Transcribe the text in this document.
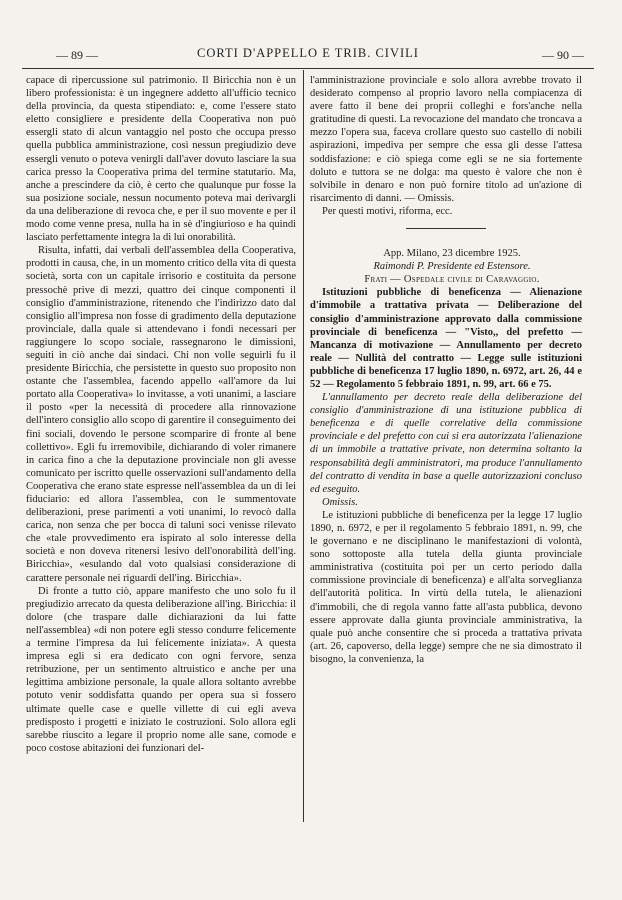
— 89 —	CORTI D'APPELLO E TRIB. CIVILI	— 90 —

capace di ripercussione sul patrimonio. Il Biricchia non è un libero professionista: è un ingegnere addetto all'ufficio tecnico della provincia, da questa stipendiato: e, come l'essere stato eletto consigliere e presidente della Cooperativa non può essergli stato di alcun vantaggio nel posto che occupa presso quella pubblica amministrazione, così nessun pregiudizio deve essergli venuto o poteva venirgli dall'aver dovuto lasciare la sua carica presso la Cooperativa prima del termine statutario. Ma, anche a prescindere da ciò, è certo che qualunque pur fosse la sua posizione sociale, nessun nocumento poteva mai derivargli da una deliberazione di revoca che, e per il suo movente e per il modo come venne presa, nulla ha in sè d'ingiurioso e ha quindi lasciato perfettamente integra la di lui onorabilità.

Risulta, infatti, dai verbali dell'assemblea della Cooperativa, prodotti in causa, che, in un momento critico della vita di questa società, sorta con un capitale irrisorio e costituita da persone pressochè prive di mezzi, quattro dei cinque componenti il consiglio d'amministrazione, ritenendo che l'indirizzo dato dal consiglio all'impresa non fosse di gradimento della deputazione provinciale, dalla quale si attendevano i fondi necessari per raggiungere lo scopo sociale, rassegnarono le dimissioni, seguiti in ciò anche dai sindaci. Chi non volle seguirli fu il presidente Biricchia, che persistette in questo suo proposito non ostante che l'assemblea, facendo appello «all'amore da lui portato alla Cooperativa» lo invitasse, a voti unanimi, a lasciare il posto «per la necessità di procedere alla rinnovazione dell'intero consiglio allo scopo di garentire il conseguimento dei fini sociali, dovendo le persone scomparire di fronte al bene collettivo». Egli fu irremovibile, dichiarando di voler rimanere in carica fino a che la deputazione provinciale non gli avesse comunicato per iscritto quelle osservazioni sull'andamento della Cooperativa che erano state espresse nell'assemblea da un di lei fiduciario: ed allora l'assemblea, con le summentovate deliberazioni, prese parimenti a voti unanimi, lo revocò dalla carica, non senza che per bocca di taluni soci venisse rilevato che «tale provvedimento era ispirato al solo interesse della società e non doveva ritenersi lesivo dell'onorabilità dell'ing. Biricchia», «esulando dal voto qualsiasi considerazione di carattere personale nei riguardi dell'ing. Biricchia».

Di fronte a tutto ciò, appare manifesto che uno solo fu il pregiudizio arrecato da questa deliberazione all'ing. Biricchia: il dolore (che traspare dalle dichiarazioni da lui fatte nell'assemblea) «di non potere egli stesso condurre felicemente a termine l'impresa da lui felicemente iniziata». A questa impresa egli si era dedicato con ogni fervore, senza retribuzione, per un sentimento altruistico e anche per una legittima ambizione personale, la quale allora soltanto avrebbe potuto venir soddisfatta quando per opera sua si fossero ultimate quelle case e quelle villette di cui egli aveva predisposto i progetti e iniziato le costruzioni. Solo allora egli sarebbe riuscito a legare il proprio nome alle sane, comode e poco costose abitazioni dei funzionari del-

l'amministrazione provinciale e solo allora avrebbe trovato il desiderato compenso al proprio lavoro nella compiacenza di avere fatto il bene dei proprii colleghi e fors'anche nella gratitudine di questi. La revocazione del mandato che troncava a mezzo l'opera sua, faceva crollare questo suo castello di nobili aspirazioni, impediva per sempre che essa gli desse l'attesa soddisfazione: e ciò spiega come egli se ne sia fortemente doluto e tuttora se ne dolga: ma questo è valore che non è solvibile in denaro e non può fornire titolo ad un'azione di risarcimento di danni. — Omissis.

Per questi motivi, riforma, ecc.

App. Milano, 23 dicembre 1925.

Raimondi P. Presidente ed Estensore.

Frati — Ospedale civile di Caravaggio.

Istituzioni pubbliche di beneficenza — Alienazione d'immobile a trattativa privata — Deliberazione del consiglio d'amministrazione approvato dalla commissione provinciale di beneficenza — "Visto,, del prefetto — Mancanza di motivazione — Annullamento per decreto reale — Nullità del contratto — Legge sulle istituzioni pubbliche di beneficenza 17 luglio 1890, n. 6972, art. 26, 44 e 52 — Regolamento 5 febbraio 1891, n. 99, art. 66 e 75.

L'annullamento per decreto reale della deliberazione del consiglio d'amministrazione di una istituzione pubblica di beneficenza e di quelle correlative della commissione provinciale e del prefetto con cui si era autorizzata l'alienazione di un immobile a trattative private, non determina soltanto la responsabilità degli amministratori, ma produce l'annullamento del contratto di vendita in base a quelle autorizzazioni concluso ed eseguito.

Omissis.

Le istituzioni pubbliche di beneficenza per la legge 17 luglio 1890, n. 6972, e per il regolamento 5 febbraio 1891, n. 99, che le governano e ne disciplinano le manifestazioni di volontà, sono sottoposte alla tutela della giunta provinciale amministrativa (costituita poi per un certo periodo dalla commissione provinciale di beneficenza) e all'alta sorveglianza dell'autorità politica. In virtù della tutela, le alienazioni d'immobili, che di regola vanno fatte all'asta pubblica, devono essere approvate dalla giunta provinciale amministrativa, la quale può anche consentire che si proceda a trattativa privata (art. 26, capoverso, della legge) sempre che ne sia dimostrato il bisogno, la convenienza, la
